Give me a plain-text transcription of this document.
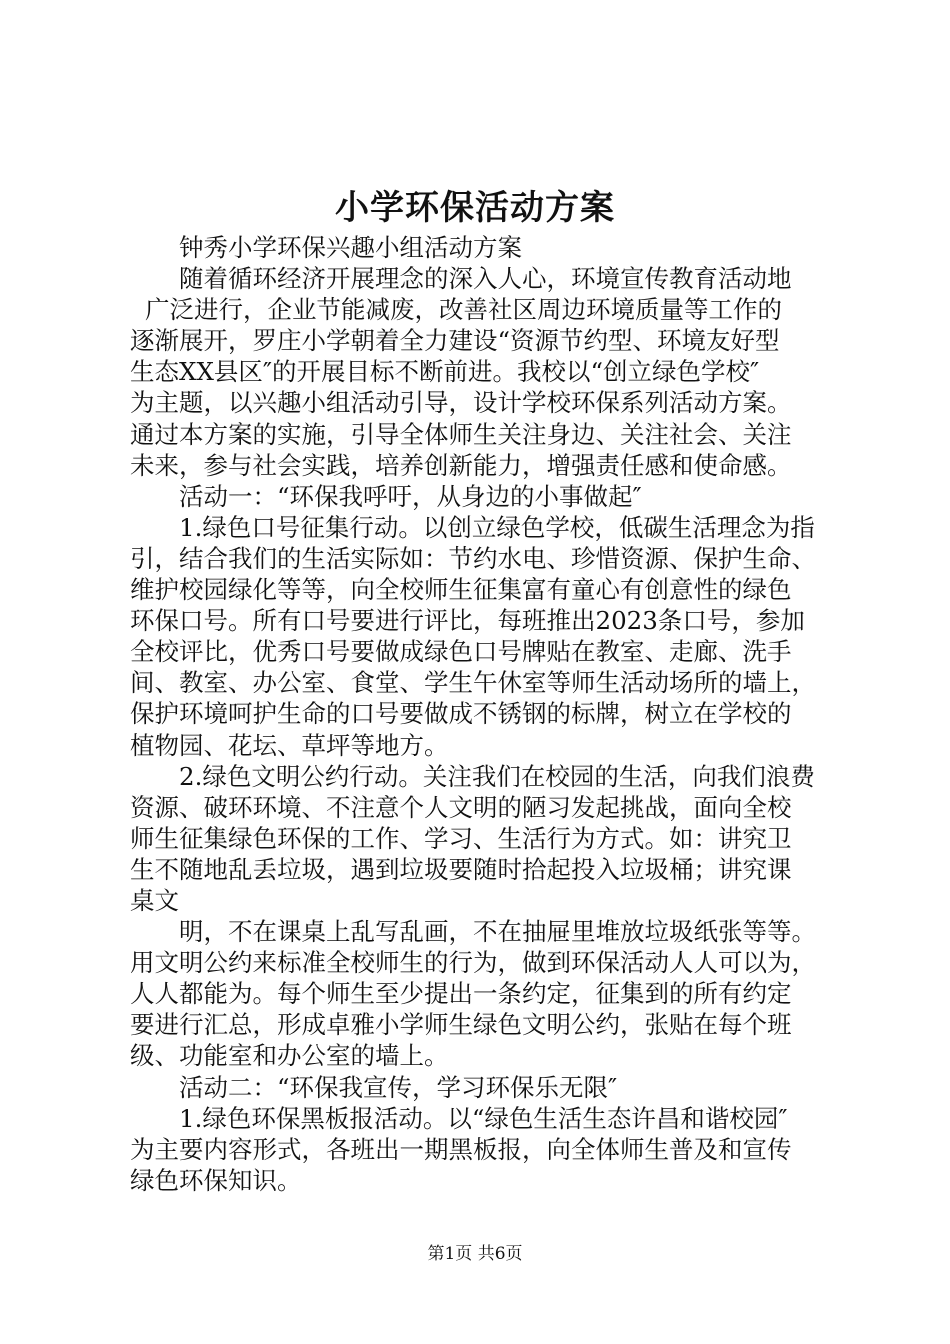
小学环保活动方案
钟秀小学环保兴趣小组活动方案
随着循环经济开展理念的深入人心，环境宣传教育活动地
广泛进行，企业节能减废，改善社区周边环境质量等工作的
逐渐展开，罗庄小学朝着全力建设“资源节约型、环境友好型
生态XX县区″的开展目标不断前进。我校以“创立绿色学校″
为主题，以兴趣小组活动引导，设计学校环保系列活动方案。
通过本方案的实施，引导全体师生关注身边、关注社会、关注
未来，参与社会实践，培养创新能力，增强责任感和使命感。
活动一：“环保我呼吁，从身边的小事做起″
1.绿色口号征集行动。以创立绿色学校，低碳生活理念为指
引，结合我们的生活实际如：节约水电、珍惜资源、保护生命、
维护校园绿化等等，向全校师生征集富有童心有创意性的绿色
环保口号。所有口号要进行评比，每班推出2023条口号，参加
全校评比，优秀口号要做成绿色口号牌贴在教室、走廊、洗手
间、教室、办公室、食堂、学生午休室等师生活动场所的墙上，
保护环境呵护生命的口号要做成不锈钢的标牌，树立在学校的
植物园、花坛、草坪等地方。
2.绿色文明公约行动。关注我们在校园的生活，向我们浪费
资源、破环环境、不注意个人文明的陋习发起挑战，面向全校
师生征集绿色环保的工作、学习、生活行为方式。如：讲究卫
生不随地乱丢垃圾，遇到垃圾要随时拾起投入垃圾桶；讲究课
桌文
明，不在课桌上乱写乱画，不在抽屉里堆放垃圾纸张等等。
用文明公约来标准全校师生的行为，做到环保活动人人可以为，
人人都能为。每个师生至少提出一条约定，征集到的所有约定
要进行汇总，形成卓雅小学师生绿色文明公约，张贴在每个班
级、功能室和办公室的墙上。
活动二：“环保我宣传，学习环保乐无限″
1.绿色环保黑板报活动。以“绿色生活生态许昌和谐校园″
为主要内容形式，各班出一期黑板报，向全体师生普及和宣传
绿色环保知识。
第1页 共6页
